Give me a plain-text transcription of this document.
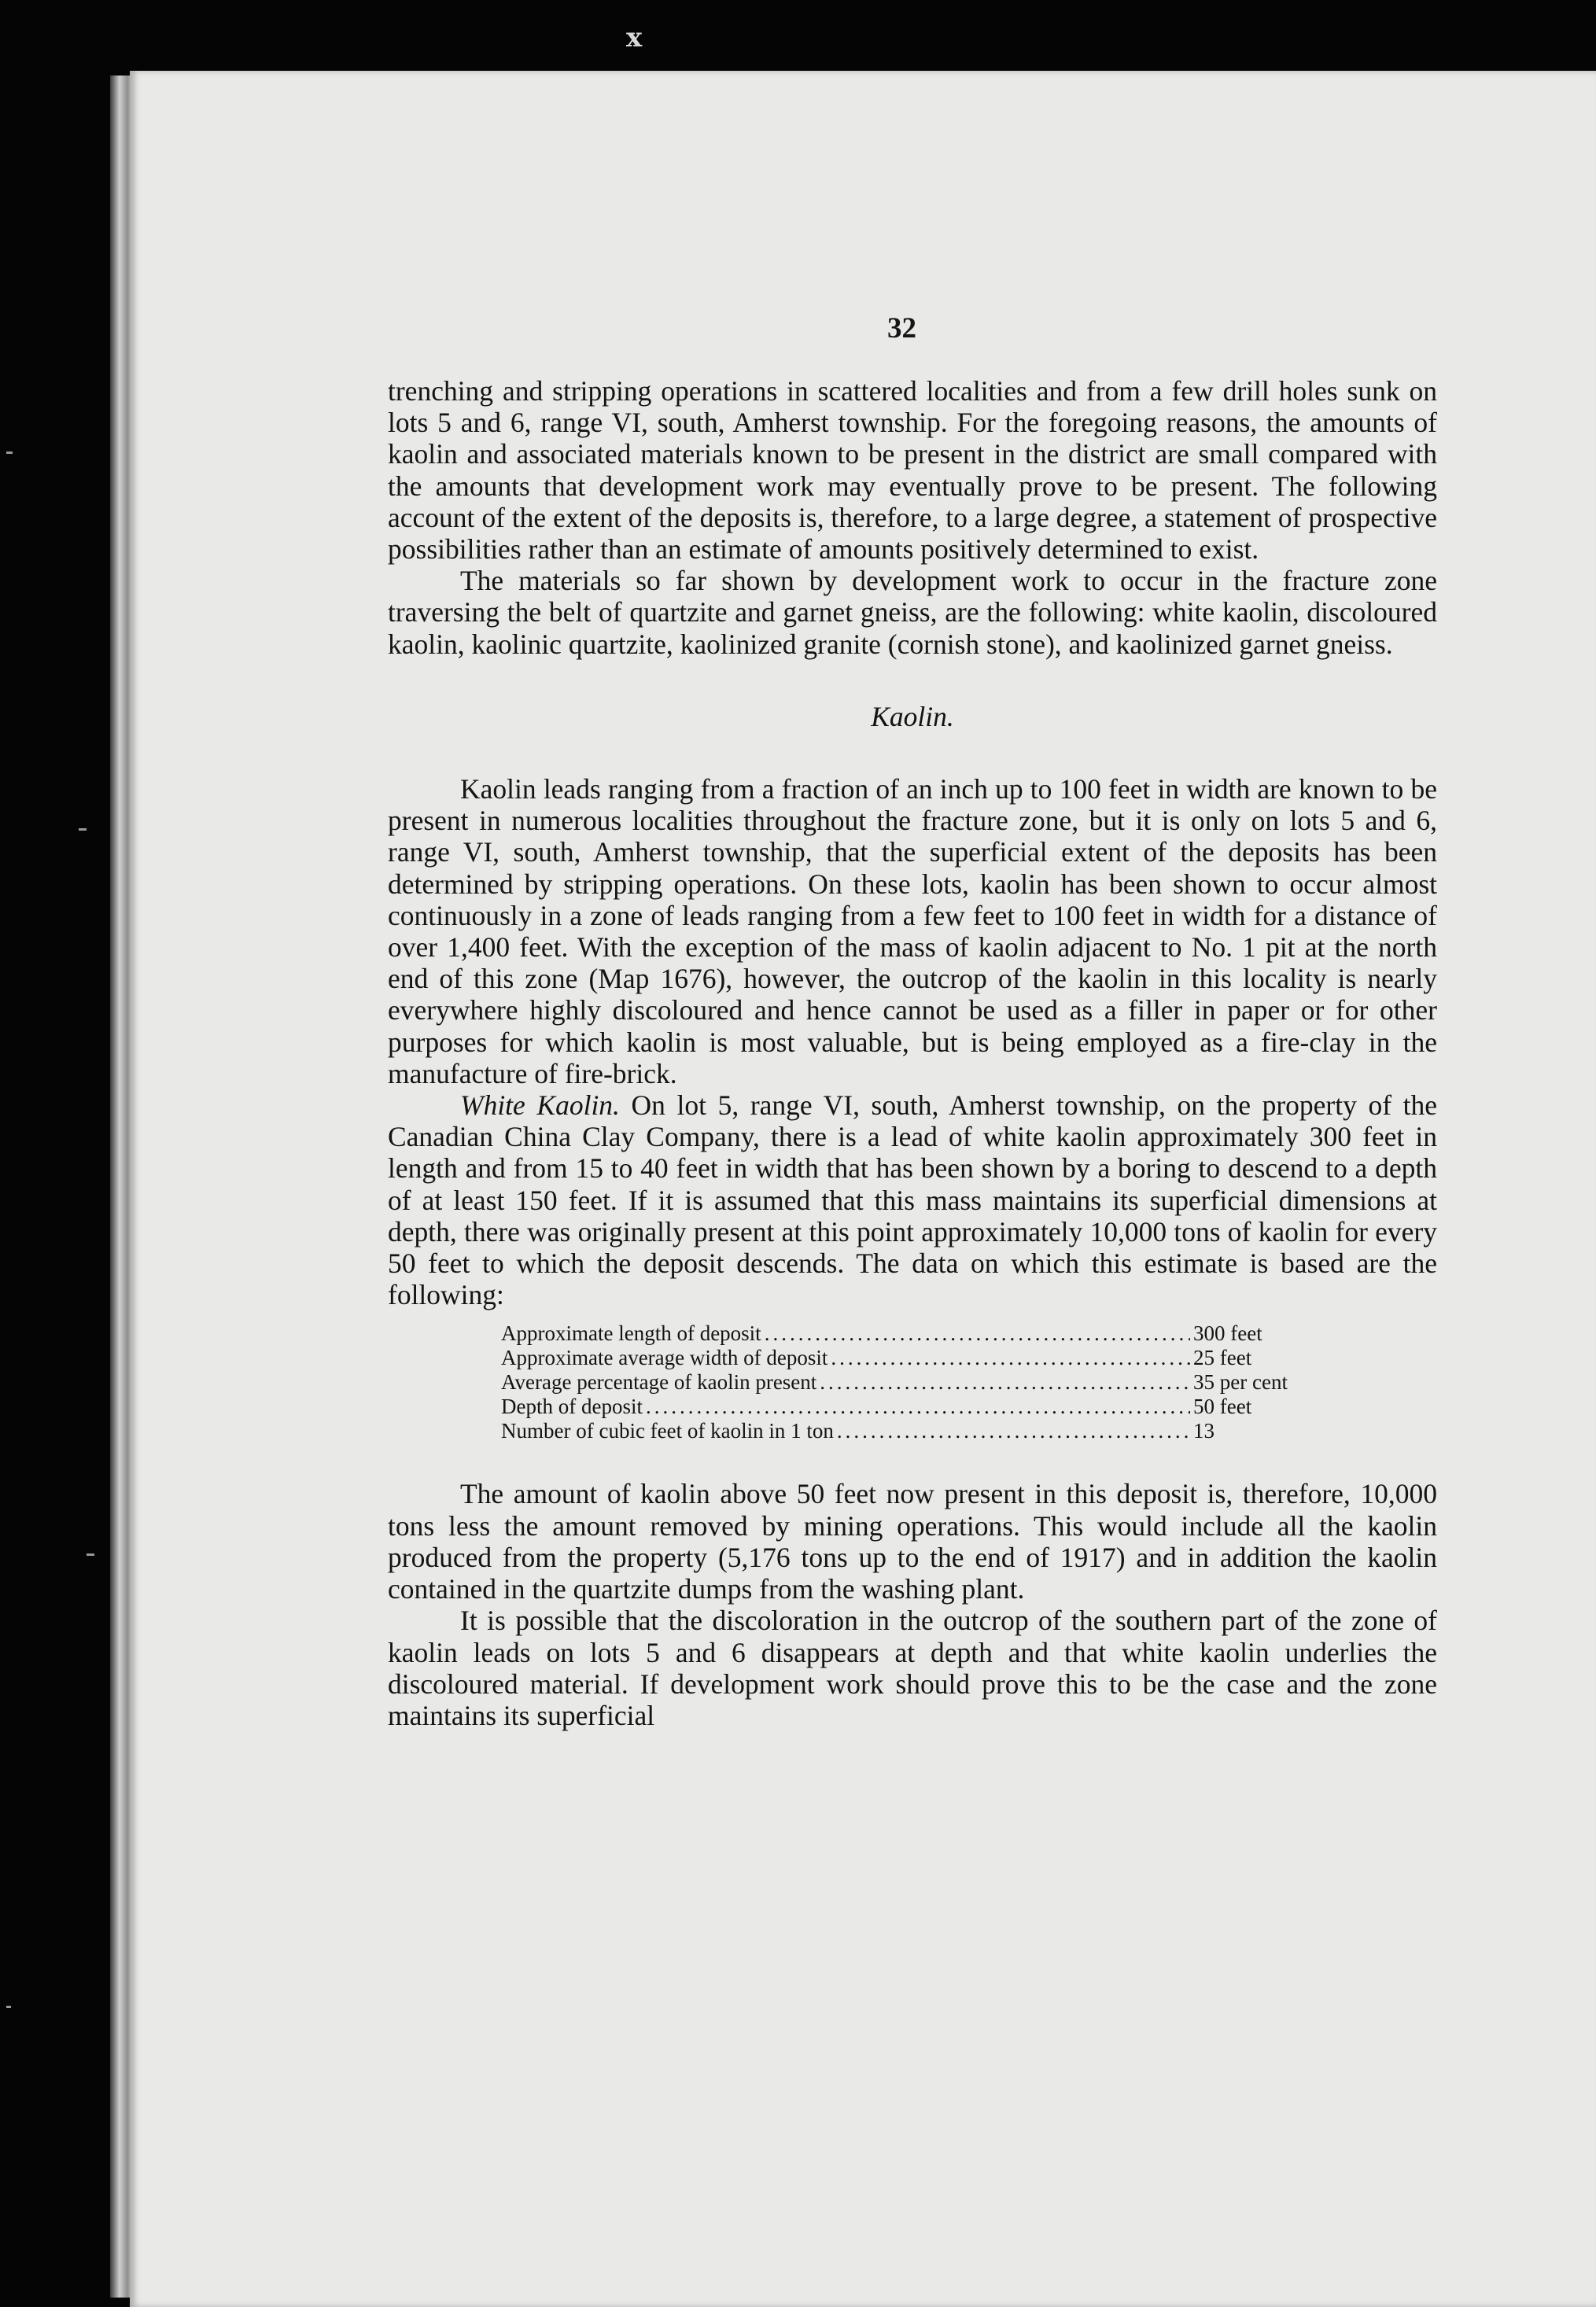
х
32

trenching and stripping operations in scattered localities and from a few drill holes sunk on lots 5 and 6, range VI, south, Amherst township. For the foregoing reasons, the amounts of kaolin and associated materials known to be present in the district are small compared with the amounts that development work may eventually prove to be present. The following account of the extent of the deposits is, therefore, to a large degree, a statement of prospective possibilities rather than an estimate of amounts positively determined to exist.

The materials so far shown by development work to occur in the fracture zone traversing the belt of quartzite and garnet gneiss, are the following: white kaolin, discoloured kaolin, kaolinic quartzite, kaolinized granite (cornish stone), and kaolinized garnet gneiss.

Kaolin.

Kaolin leads ranging from a fraction of an inch up to 100 feet in width are known to be present in numerous localities throughout the fracture zone, but it is only on lots 5 and 6, range VI, south, Amherst township, that the superficial extent of the deposits has been determined by stripping operations. On these lots, kaolin has been shown to occur almost continuously in a zone of leads ranging from a few feet to 100 feet in width for a distance of over 1,400 feet. With the exception of the mass of kaolin adjacent to No. 1 pit at the north end of this zone (Map 1676), however, the outcrop of the kaolin in this locality is nearly everywhere highly discoloured and hence cannot be used as a filler in paper or for other purposes for which kaolin is most valuable, but is being employed as a fire-clay in the manufacture of fire-brick.

White Kaolin. On lot 5, range VI, south, Amherst township, on the property of the Canadian China Clay Company, there is a lead of white kaolin approximately 300 feet in length and from 15 to 40 feet in width that has been shown by a boring to descend to a depth of at least 150 feet. If it is assumed that this mass maintains its superficial dimensions at depth, there was originally present at this point approximately 10,000 tons of kaolin for every 50 feet to which the deposit descends. The data on which this estimate is based are the following:

Approximate length of deposit .....	300 feet
Approximate average width of deposit .....	25 feet
Average percentage of kaolin present .....	35 per cent
Depth of deposit .....	50 feet
Number of cubic feet of kaolin in 1 ton .....	13

The amount of kaolin above 50 feet now present in this deposit is, therefore, 10,000 tons less the amount removed by mining operations. This would include all the kaolin produced from the property (5,176 tons up to the end of 1917) and in addition the kaolin contained in the quartzite dumps from the washing plant.

It is possible that the discoloration in the outcrop of the southern part of the zone of kaolin leads on lots 5 and 6 disappears at depth and that white kaolin underlies the discoloured material. If development work should prove this to be the case and the zone maintains its superficial
